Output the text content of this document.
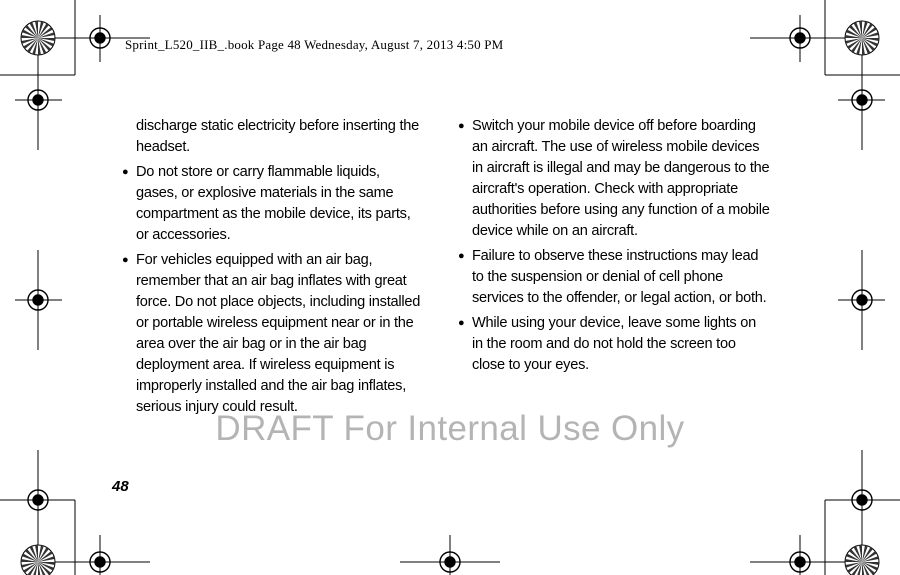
Sprint_L520_IIB_.book Page 48 Wednesday, August 7, 2013 4:50 PM
discharge static electricity before inserting the headset.
● Do not store or carry flammable liquids, gases, or explosive materials in the same compartment as the mobile device, its parts, or accessories.
● For vehicles equipped with an air bag, remember that an air bag inflates with great force. Do not place objects, including installed or portable wireless equipment near or in the area over the air bag or in the air bag deployment area. If wireless equipment is improperly installed and the air bag inflates, serious injury could result.
● Switch your mobile device off before boarding an aircraft. The use of wireless mobile devices in aircraft is illegal and may be dangerous to the aircraft's operation. Check with appropriate authorities before using any function of a mobile device while on an aircraft.
● Failure to observe these instructions may lead to the suspension or denial of cell phone services to the offender, or legal action, or both.
● While using your device, leave some lights on in the room and do not hold the screen too close to your eyes.
DRAFT For Internal Use Only
48
